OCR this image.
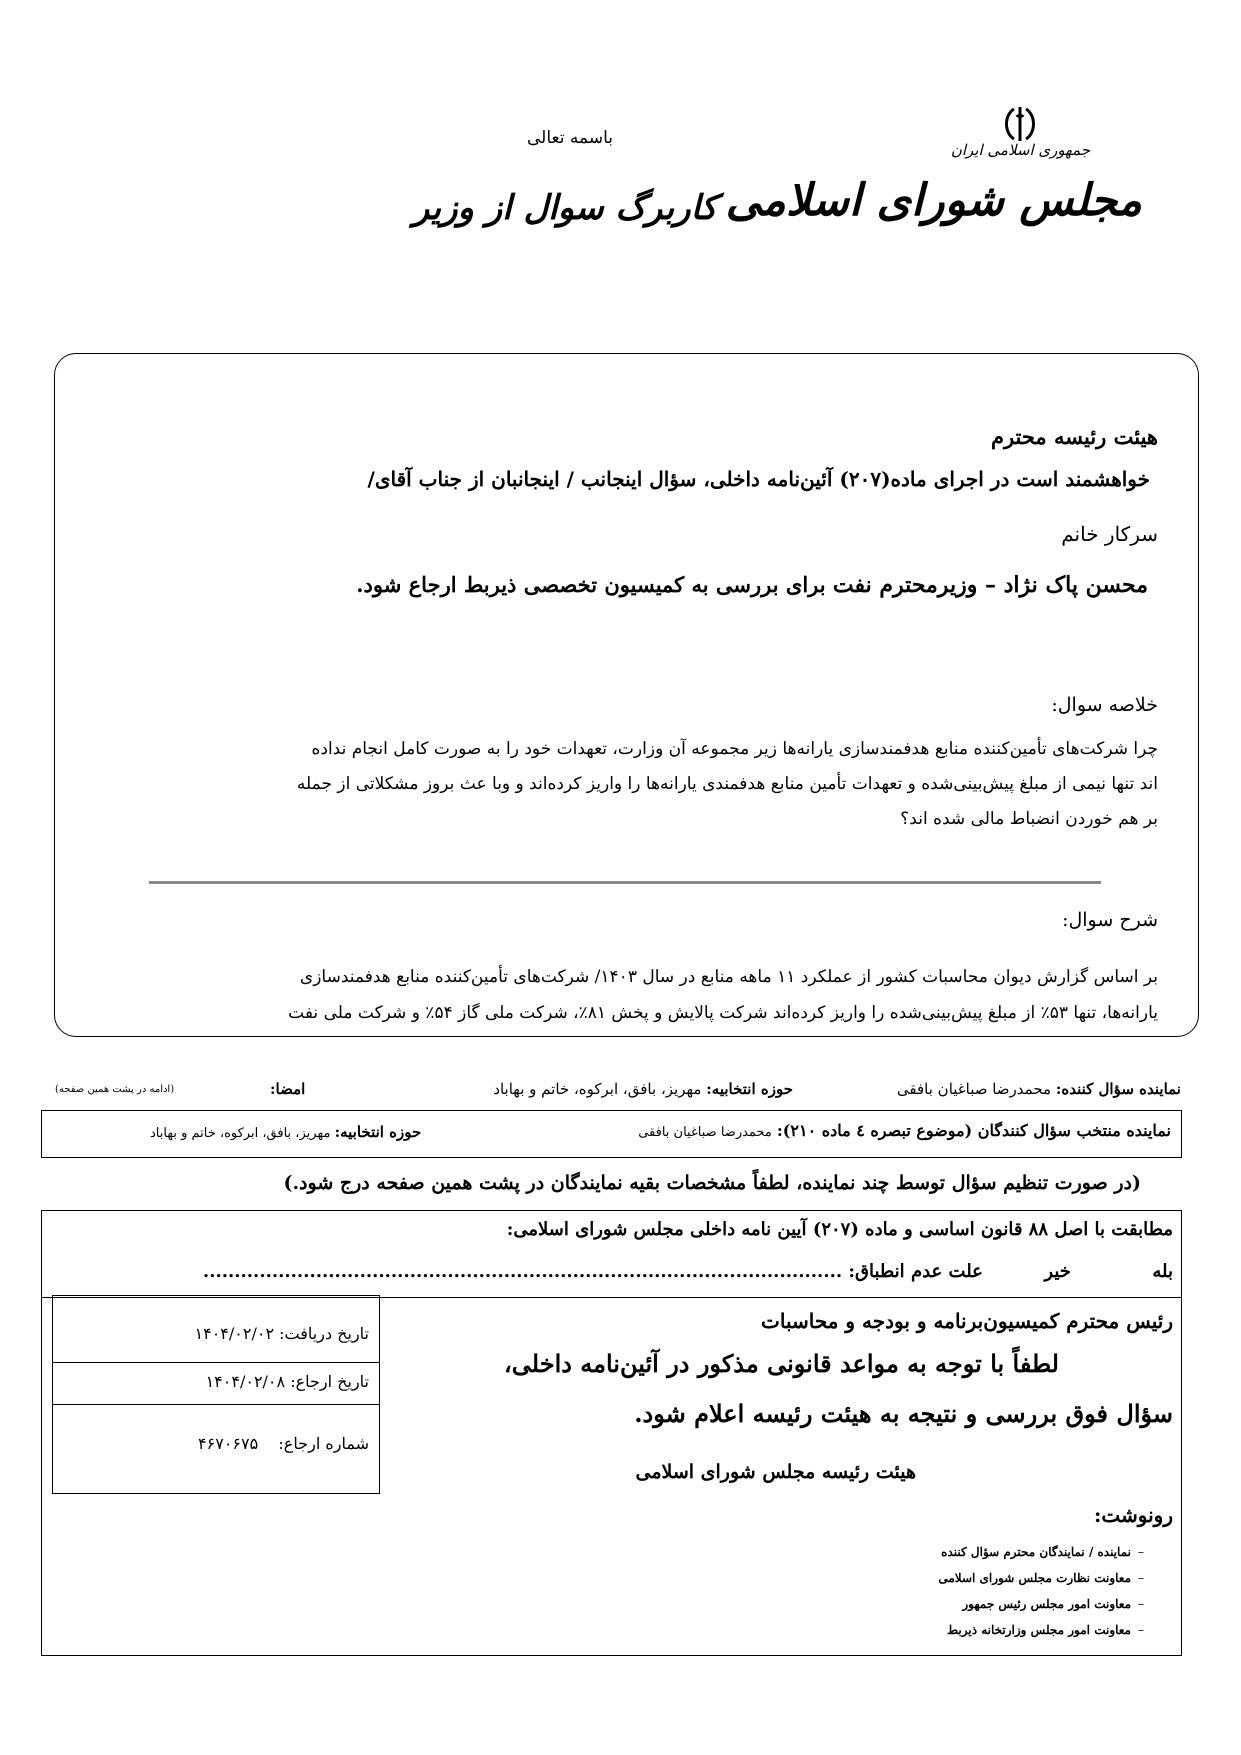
جمهوری اسلامی ایران
مجلس شورای اسلامی
باسمه تعالی
کاربرگ سوال از وزیر
هیئت رئیسه محترم
خواهشمند است در اجرای ماده(۲۰۷) آئین‌نامه داخلی، سؤال اینجانب / اینجانبان از جناب آقای/
سرکار خانم
محسن پاک نژاد – وزیرمحترم نفت برای بررسی به کمیسیون تخصصی ذیربط ارجاع شود.
خلاصه سوال:
چرا شرکت‌های تأمین‌کننده منابع هدفمندسازی یارانه‌ها زیر مجموعه آن وزارت، تعهدات خود را به صورت کامل انجام نداده
اند تنها نیمی از مبلغ پیش‌بینی‌شده و تعهدات تأمین منابع هدفمندی یارانه‌ها را واریز کرده‌اند و وبا عث بروز مشکلاتی از جمله
بر هم خوردن انضباط مالی شده اند؟
شرح سوال:
بر اساس گزارش دیوان محاسبات کشور از عملکرد ۱۱ ماهه منابع در سال ۱۴۰۳/ شرکت‌های تأمین‌کننده منابع هدفمندسازی
یارانه‌ها، تنها ۵۳٪ از مبلغ پیش‌بینی‌شده را واریز کرده‌اند شرکت پالایش و پخش ۸۱٪، شرکت ملی گاز ۵۴٪ و شرکت ملی نفت
نماینده سؤال کننده: محمدرضا صباغیان بافقی
حوزه انتخابیه: مهریز، بافق، ابرکوه، خاتم و بهاباد
امضا:
(ادامه در پشت همین صفحه)
نماینده منتخب سؤال کنندگان (موضوع تبصره ٤ ماده ۲۱۰): محمدرضا صباغیان بافقی
حوزه انتخابیه: مهریز، بافق، ابرکوه، خاتم و بهاباد
(در صورت تنظیم سؤال توسط چند نماینده، لطفاً مشخصات بقیه نمایندگان در پشت همین صفحه درج شود.)
مطابقت با اصل ۸۸ قانون اساسی و ماده (۲۰۷) آیین نامه داخلی مجلس شورای اسلامی:
بله  خیر  علت عدم انطباق: ......................................................................................................
رئیس محترم کمیسیون‌برنامه و بودجه و محاسبات
لطفاً با توجه به مواعد قانونی مذکور در آئین‌نامه داخلی،
سؤال فوق بررسی و نتیجه به هیئت رئیسه اعلام شود.
هیئت رئیسه مجلس شورای اسلامی
رونوشت:
–نماینده / نمایندگان محترم سؤال کننده
–معاونت نظارت مجلس شورای اسلامی
–معاونت امور مجلس رئیس جمهور
–معاونت امور مجلس وزارتخانه ذیربط
تاریخ دریافت: ۱۴۰۴/۰۲/۰۲
تاریخ ارجاع: ۱۴۰۴/۰۲/۰۸
شماره ارجاع:  ۴۶۷۰۶۷۵
